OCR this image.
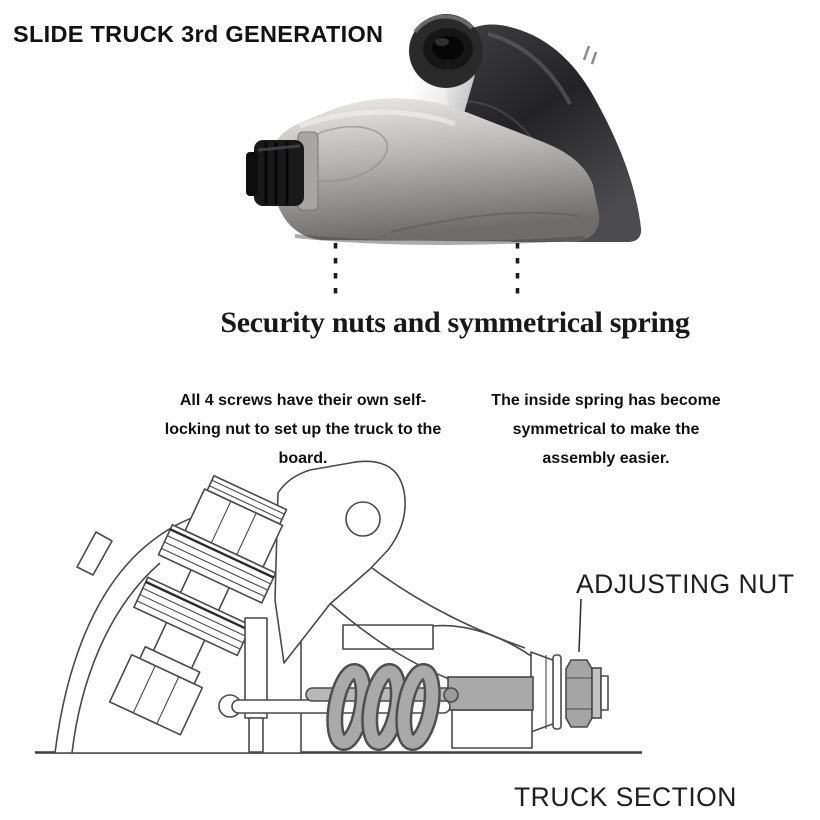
SLIDE TRUCK 3rd GENERATION
Security nuts and symmetrical spring
All 4 screws have their own self-locking nut to set up the truck to the board.
The inside spring has become symmetrical to make the assembly easier.
ADJUSTING NUT
TRUCK SECTION
